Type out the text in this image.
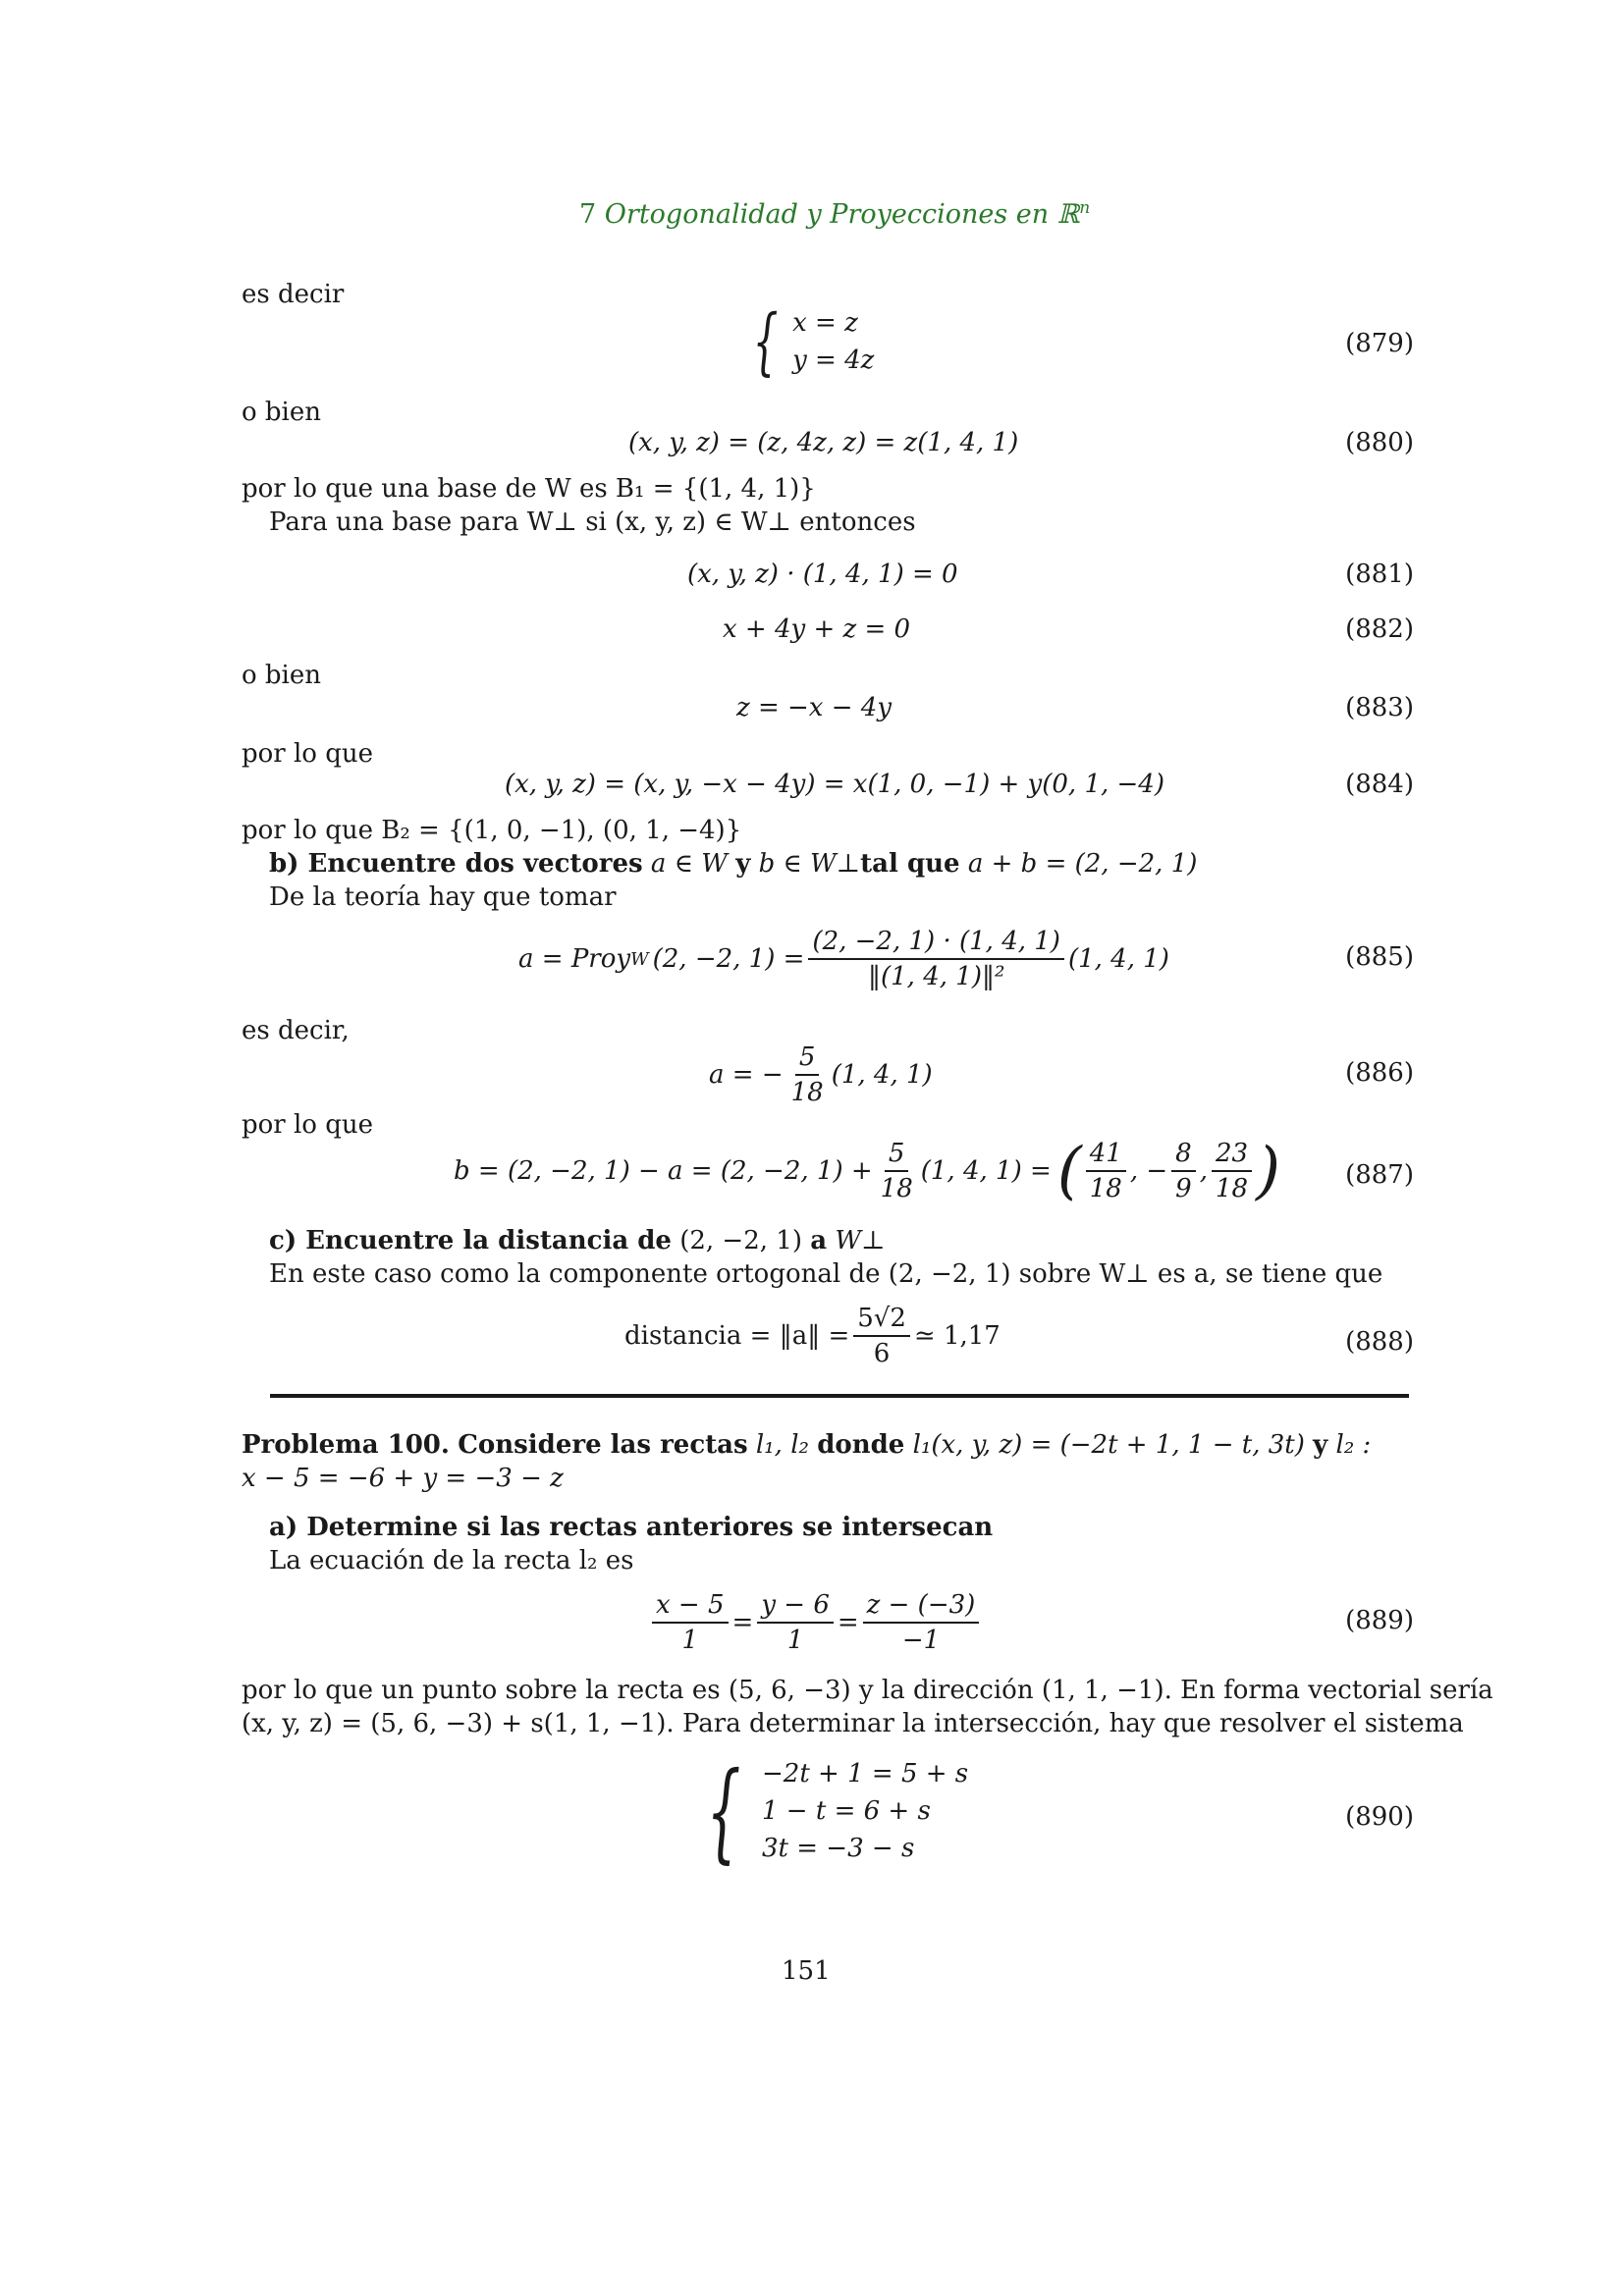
7 Ortogonalidad y Proyecciones en ℝ$^n$
es decir
{ x = z
y = 4z
(879)
o bien
(x, y, z) = (z, 4z, z) = z(1, 4, 1)	(880)
por lo que una base de W es B₁ = {(1, 4, 1)}
Para una base para W⊥ si (x, y, z) ∈ W⊥ entonces
(x, y, z) · (1, 4, 1) = 0	(881)
x + 4y + z = 0	(882)
o bien
z = −x − 4y	(883)
por lo que
(x, y, z) = (x, y, −x − 4y) = x(1, 0, −1) + y(0, 1, −4)	(884)
por lo que B₂ = {(1, 0, −1), (0, 1, −4)}
b) Encuentre dos vectores a ∈ W y b ∈ W⊥tal que a + b = (2, −2, 1)
De la teoría hay que tomar
a = Proy W (2, −2, $1) = \frac{(2, -2, 1) \cdot (1, 4, 1)}{\text{‖(1, 4, 1)‖²}} (1$, 4, 1)	(885)
es decir,
a = − $\frac{5}{18} (1$, 4, 1)	(886)
por lo que
b = (2, −2, 1) − a = (2, −2, $1) + \frac{5}{18} (1$, 4, 1) = ( $\frac{41}{18}$ , − $\frac{8}{9}$ , $\frac{23}{18}$ )	(887)
c) Encuentre la distancia de (2, −2, 1) a W⊥
En este caso como la componente ortogonal de (2, −2, 1) sobre W⊥ es a, se tiene que
distancia = ‖a‖ = $\frac{5√2}{6}$ ≃ 1,17	(888)
Problema 100. Considere las rectas l₁, l₂ donde l₁(x, y, z) = (−2t + 1, 1 − t, 3t) y l₂ :
x − 5 = −6 + y = −3 − z
a) Determine si las rectas anteriores se intersecan
La ecuación de la recta l₂ es
$\frac{x - 5}{1} = \frac{y - 6}{1} = \frac{z - (-3)}{-1}$	(889)
por lo que un punto sobre la recta es (5, 6, −3) y la dirección (1, 1, −1). En forma vectorial sería
(x, y, z) = (5, 6, −3) + s(1, 1, −1). Para determinar la intersección, hay que resolver el sistema
{ −2t + 1 = 5 + s
1 − t = 6 + s
3t = −3 − s
(890)
151
